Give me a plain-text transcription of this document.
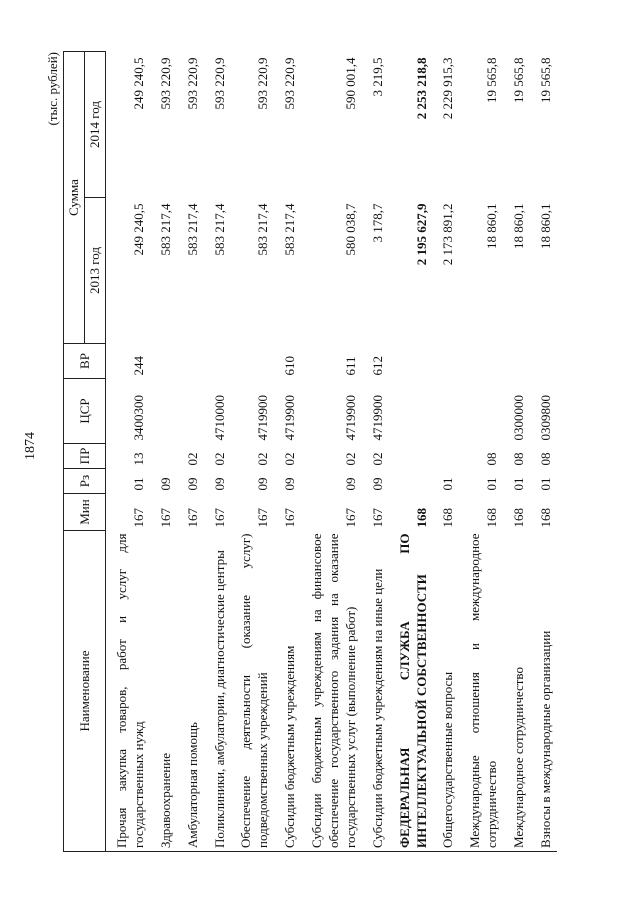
1874
(тыс. рублей)
Наименование	Мин	Рз	ПР	ЦСР	ВР	Сумма	
						2013 год	2014 год
Прочая закупка товаров, работ и услуг для государственных нужд	167	01	13	3400300	244	249 240,5	249 240,5
Здравоохранение	167	09				583 217,4	593 220,9
Амбулаторная помощь	167	09	02			583 217,4	593 220,9
Поликлиники, амбулатории, диагностические центры	167	09	02	4710000		583 217,4	593 220,9
Обеспечение деятельности (оказание услуг) подведомственных учреждений	167	09	02	4719900		583 217,4	593 220,9
Субсидии бюджетным учреждениям	167	09	02	4719900	610	583 217,4	593 220,9
Субсидии бюджетным учреждениям на финансовое обеспечение государственного задания на оказание государственных услуг (выполнение работ)	167	09	02	4719900	611	580 038,7	590 001,4
Субсидии бюджетным учреждениям на иные цели	167	09	02	4719900	612	3 178,7	3 219,5
ФЕДЕРАЛЬНАЯ СЛУЖБА ПО ИНТЕЛЛЕКТУАЛЬНОЙ СОБСТВЕННОСТИ	168					2 195 627,9	2 253 218,8
Общегосударственные вопросы	168	01				2 173 891,2	2 229 915,3
Международные отношения и международное сотрудничество	168	01	08			18 860,1	19 565,8
Международное сотрудничество	168	01	08	0300000		18 860,1	19 565,8
Взносы в международные организации	168	01	08	0309800		18 860,1	19 565,8
